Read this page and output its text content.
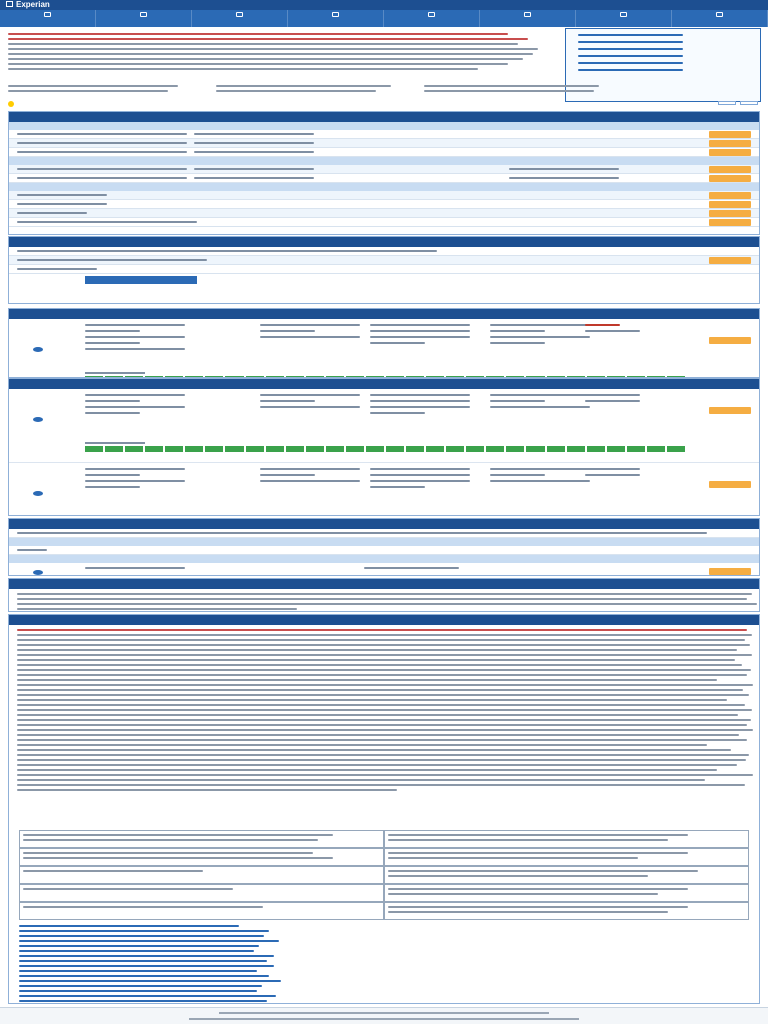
Experian
